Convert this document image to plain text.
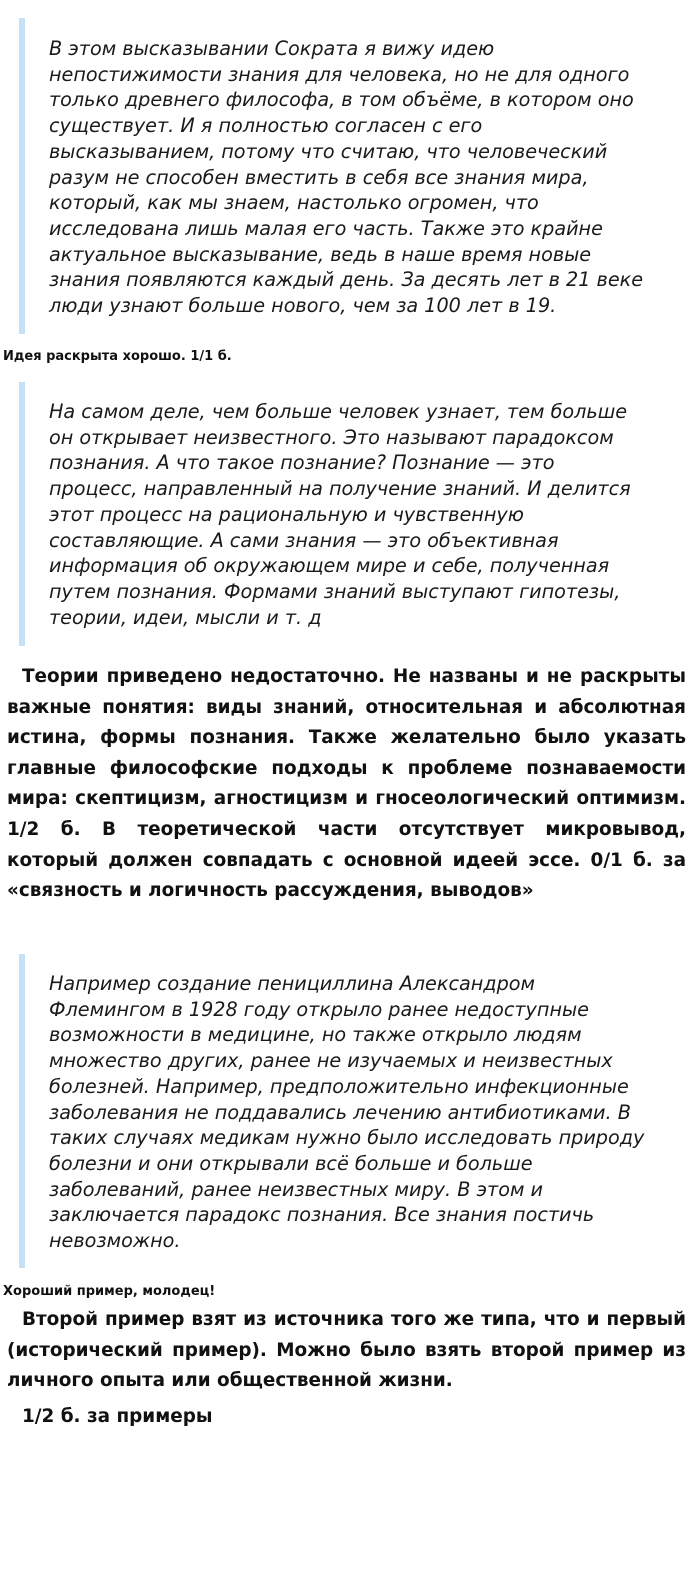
В этом высказывании Сократа я вижу идею
непостижимости знания для человека, но не для одного
только древнего философа, в том объёме, в котором оно
существует. И я полностью согласен с его
высказыванием, потому что считаю, что человеческий
разум не способен вместить в себя все знания мира,
который, как мы знаем, настолько огромен, что
исследована лишь малая его часть. Также это крайне
актуальное высказывание, ведь в наше время новые
знания появляются каждый день. За десять лет в 21 веке
люди узнают больше нового, чем за 100 лет в 19.

Идея раскрыта хорошо. 1/1 б.

На самом деле, чем больше человек узнает, тем больше
он открывает неизвестного. Это называют парадоксом
познания. А что такое познание? Познание — это
процесс, направленный на получение знаний. И делится
этот процесс на рациональную и чувственную
составляющие. А сами знания — это объективная
информация об окружающем мире и себе, полученная
путем познания. Формами знаний выступают гипотезы,
теории, идеи, мысли и т. д

Теории приведено недостаточно. Не названы и не раскрыты важные понятия: виды знаний, относительная и абсолютная истина, формы познания. Также желательно было указать главные философские подходы к проблеме познаваемости мира: скептицизм, агностицизм и гносеологический оптимизм. 1/2 б. В теоретической части отсутствует микровывод, который должен совпадать с основной идеей эссе. 0/1 б. за «связность и логичность рассуждения, выводов»

Например создание пенициллина Александром
Флемингом в 1928 году открыло ранее недоступные
возможности в медицине, но также открыло людям
множество других, ранее не изучаемых и неизвестных
болезней. Например, предположительно инфекционные
заболевания не поддавались лечению антибиотиками. В
таких случаях медикам нужно было исследовать природу
болезни и они открывали всё больше и больше
заболеваний, ранее неизвестных миру. В этом и
заключается парадокс познания. Все знания постичь
невозможно.

Хороший пример, молодец!

Второй пример взят из источника того же типа, что и первый (исторический пример). Можно было взять второй пример из личного опыта или общественной жизни.

1/2 б. за примеры
